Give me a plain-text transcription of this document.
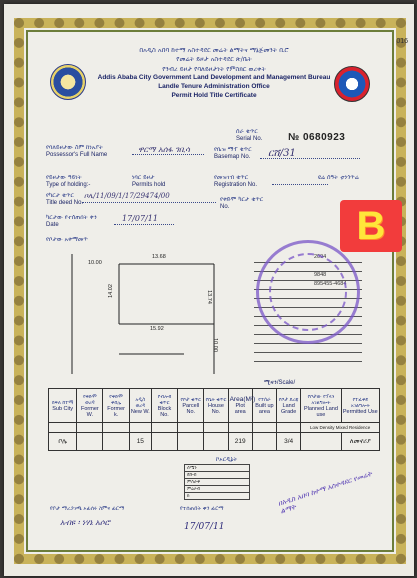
016
በአዲስ አበባ ከተማ አስተዳደር መሬት ልማትና ማኔጅመንት ቢሮ
የመሬት ይዞታ አስተዳደር ጽ/ቤት
የንብረ ይዞታ የባለይዞታነት የምስክር ወረቀት
Addis Ababa City Government Land Development and Management Bureau
Landle Tenure Administration Office
Permit Hold Title Certificate
ሰራ ቁጥር
Serial No.	№ 0680923
የባለይዞታው ስም ከነአያት
Possessor's Full Name
ዋርማ አሰፋ ገቢሳ	የቤዝ ማፕ ቁጥር
Basemap No. ርሸ/31
የይዞታው ዓይነት
Type of holding:-
ነባር ይዞታ
Permits hold
የመዝገብ ቁጥር
Registration No.
ዩሬ ሰዓት ቲንጎጥሬ
የካርታ ቁጥር
Title deed No.
ቦሌ/11/09/1/17/29474/00	የቀድሞ ካርታ ቁጥር
No.
ካርታው የተሰጠበት ቀን
Date
17/07/11
የቦታው አቀማመጥ	B
10.00
13.68
14.02	13.74
15.92
10.00
2094
9848
895455-4684
ሚዛን/Scale/
ክፍለ ከተማ
Sub City	የቀድሞ ወረዳ
Former W.	የቀድሞ ቀበሌ
Former k.	አዲስ ወረዳ
New W.	የብሎክ ቁጥር
Block No.	የቦታ ቁጥር
Parcell No.	የቤት ቁጥር
House No.	Area(M²)
Plot area	የተሰራ
Built up area	የቦታ ደረጃ
Land Grade	የቦታው የፕላን አገልግሎት
Planned Land use	የተፈቀደ አገልግሎት
Permitted Use
										Low Density Mixed Residence	
ቦሌ			15				219		3/4		ለመኖሪያ
ኮኦርዲኔት
ሰሜን
ደቡብ
ምስራቅ
ምዕራብ
ከ
የቦታ ማረጋገጫ ኦፊሰሩ ስምና ፊርማ
አብዩ ፡ ነሃኔ አሶሮ
የተሰጠበት ቀን ፊርማ
17/07/11
በአዲስ አበባ ከተማ አስተዳደር የመሬት ልማት
